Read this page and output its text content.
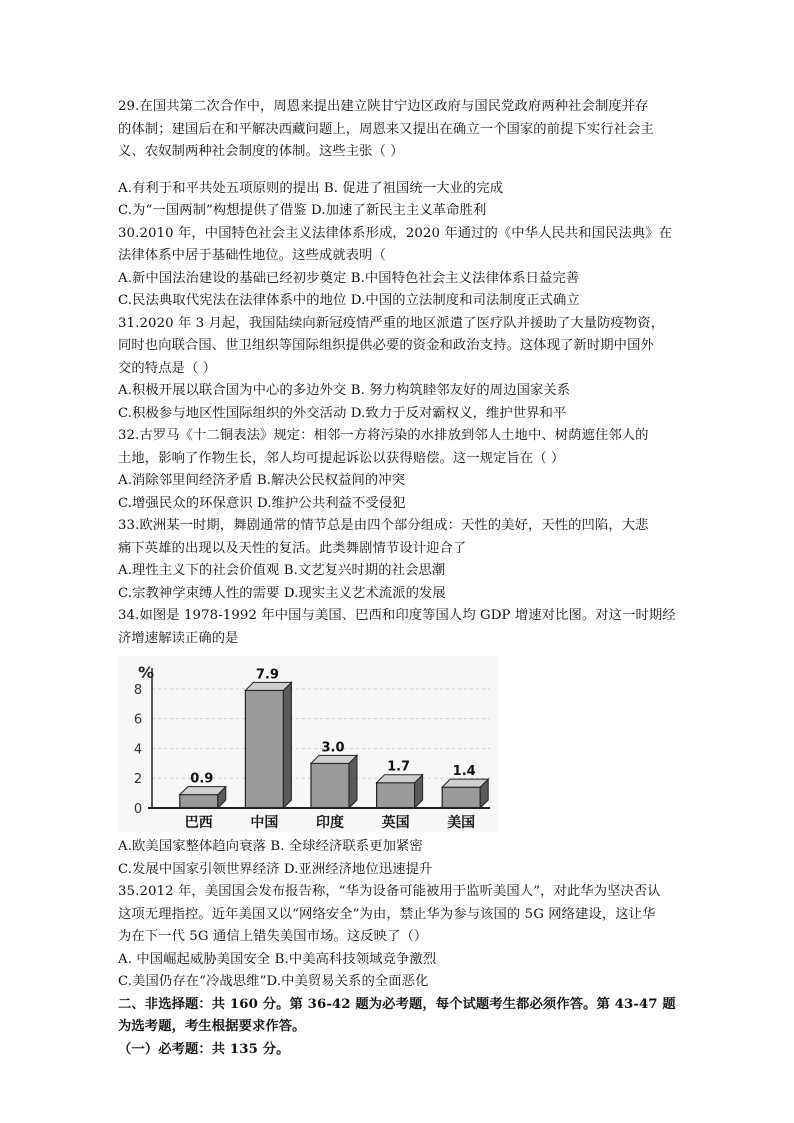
29.在国共第二次合作中，周恩来提出建立陕甘宁边区政府与国民党政府两种社会制度并存

的体制；建国后在和平解决西藏问题上，周恩来又提出在确立一个国家的前提下实行社会主

义、农奴制两种社会制度的体制。这些主张（ ）

A.有利于和平共处五项原则的提出 B. 促进了祖国统一大业的完成

C.为“一国两制”构想提供了借鉴 D.加速了新民主主义革命胜利

30.2010 年，中国特色社会主义法律体系形成，2020 年通过的《中华人民共和国民法典》在

法律体系中居于基础性地位。这些成就表明（

A.新中国法治建设的基础已经初步奠定 B.中国特色社会主义法律体系日益完善

C.民法典取代宪法在法律体系中的地位 D.中国的立法制度和司法制度正式确立

31.2020 年 3 月起，我国陆续向新冠疫情严重的地区派遣了医疗队并援助了大量防疫物资，

同时也向联合国、世卫组织等国际组织提供必要的资金和政治支持。这体现了新时期中国外

交的特点是（ ）

A.积极开展以联合国为中心的多边外交 B. 努力构筑睦邻友好的周边国家关系

C.积极参与地区性国际组织的外交活动 D.致力于反对霸权义，维护世界和平

32.古罗马《十二铜表法》规定：相邻一方将污染的水排放到邻人土地中、树荫遮住邻人的

土地，影响了作物生长，邻人均可提起诉讼以获得赔偿。这一规定旨在（ ）

A.消除邻里间经济矛盾 B.解决公民权益间的冲突

C.增强民众的环保意识 D.维护公共利益不受侵犯

33.欧洲某一时期，舞剧通常的情节总是由四个部分组成：天性的美好，天性的凹陷，大悲

痛下英雄的出现以及天性的复活。此类舞剧情节设计迎合了

A.理性主义下的社会价值观 B.文艺复兴时期的社会思潮

C.宗教神学束缚人性的需要 D.现实主义艺术流派的发展

34.如图是 1978-1992 年中国与美国、巴西和印度等国人均 GDP 增速对比图。对这一时期经

济增速解读正确的是

0.9
7.9
3.0
1.7	1.4
0
2
4
6
8
巴西	中国	印度	英国	美国
%

A.欧美国家整体趋向衰落 B. 全球经济联系更加紧密

C.发展中国家引领世界经济 D.亚洲经济地位迅速提升

35.2012 年，美国国会发布报告称，“华为设备可能被用于监听美国人”，对此华为坚决否认

这项无理指控。近年美国又以“网络安全”为由，禁止华为参与该国的 5G 网络建设，这让华

为在下一代 5G 通信上错失美国市场。这反映了（）

A. 中国崛起威胁美国安全 B.中美高科技领域竞争激烈

C.美国仍存在“冷战思维”D.中美贸易关系的全面恶化

二、非选择题：共 160 分。第 36-42 题为必考题，每个试题考生都必须作答。第 43-47 题

为选考题，考生根据要求作答。

（一）必考题：共 135 分。
